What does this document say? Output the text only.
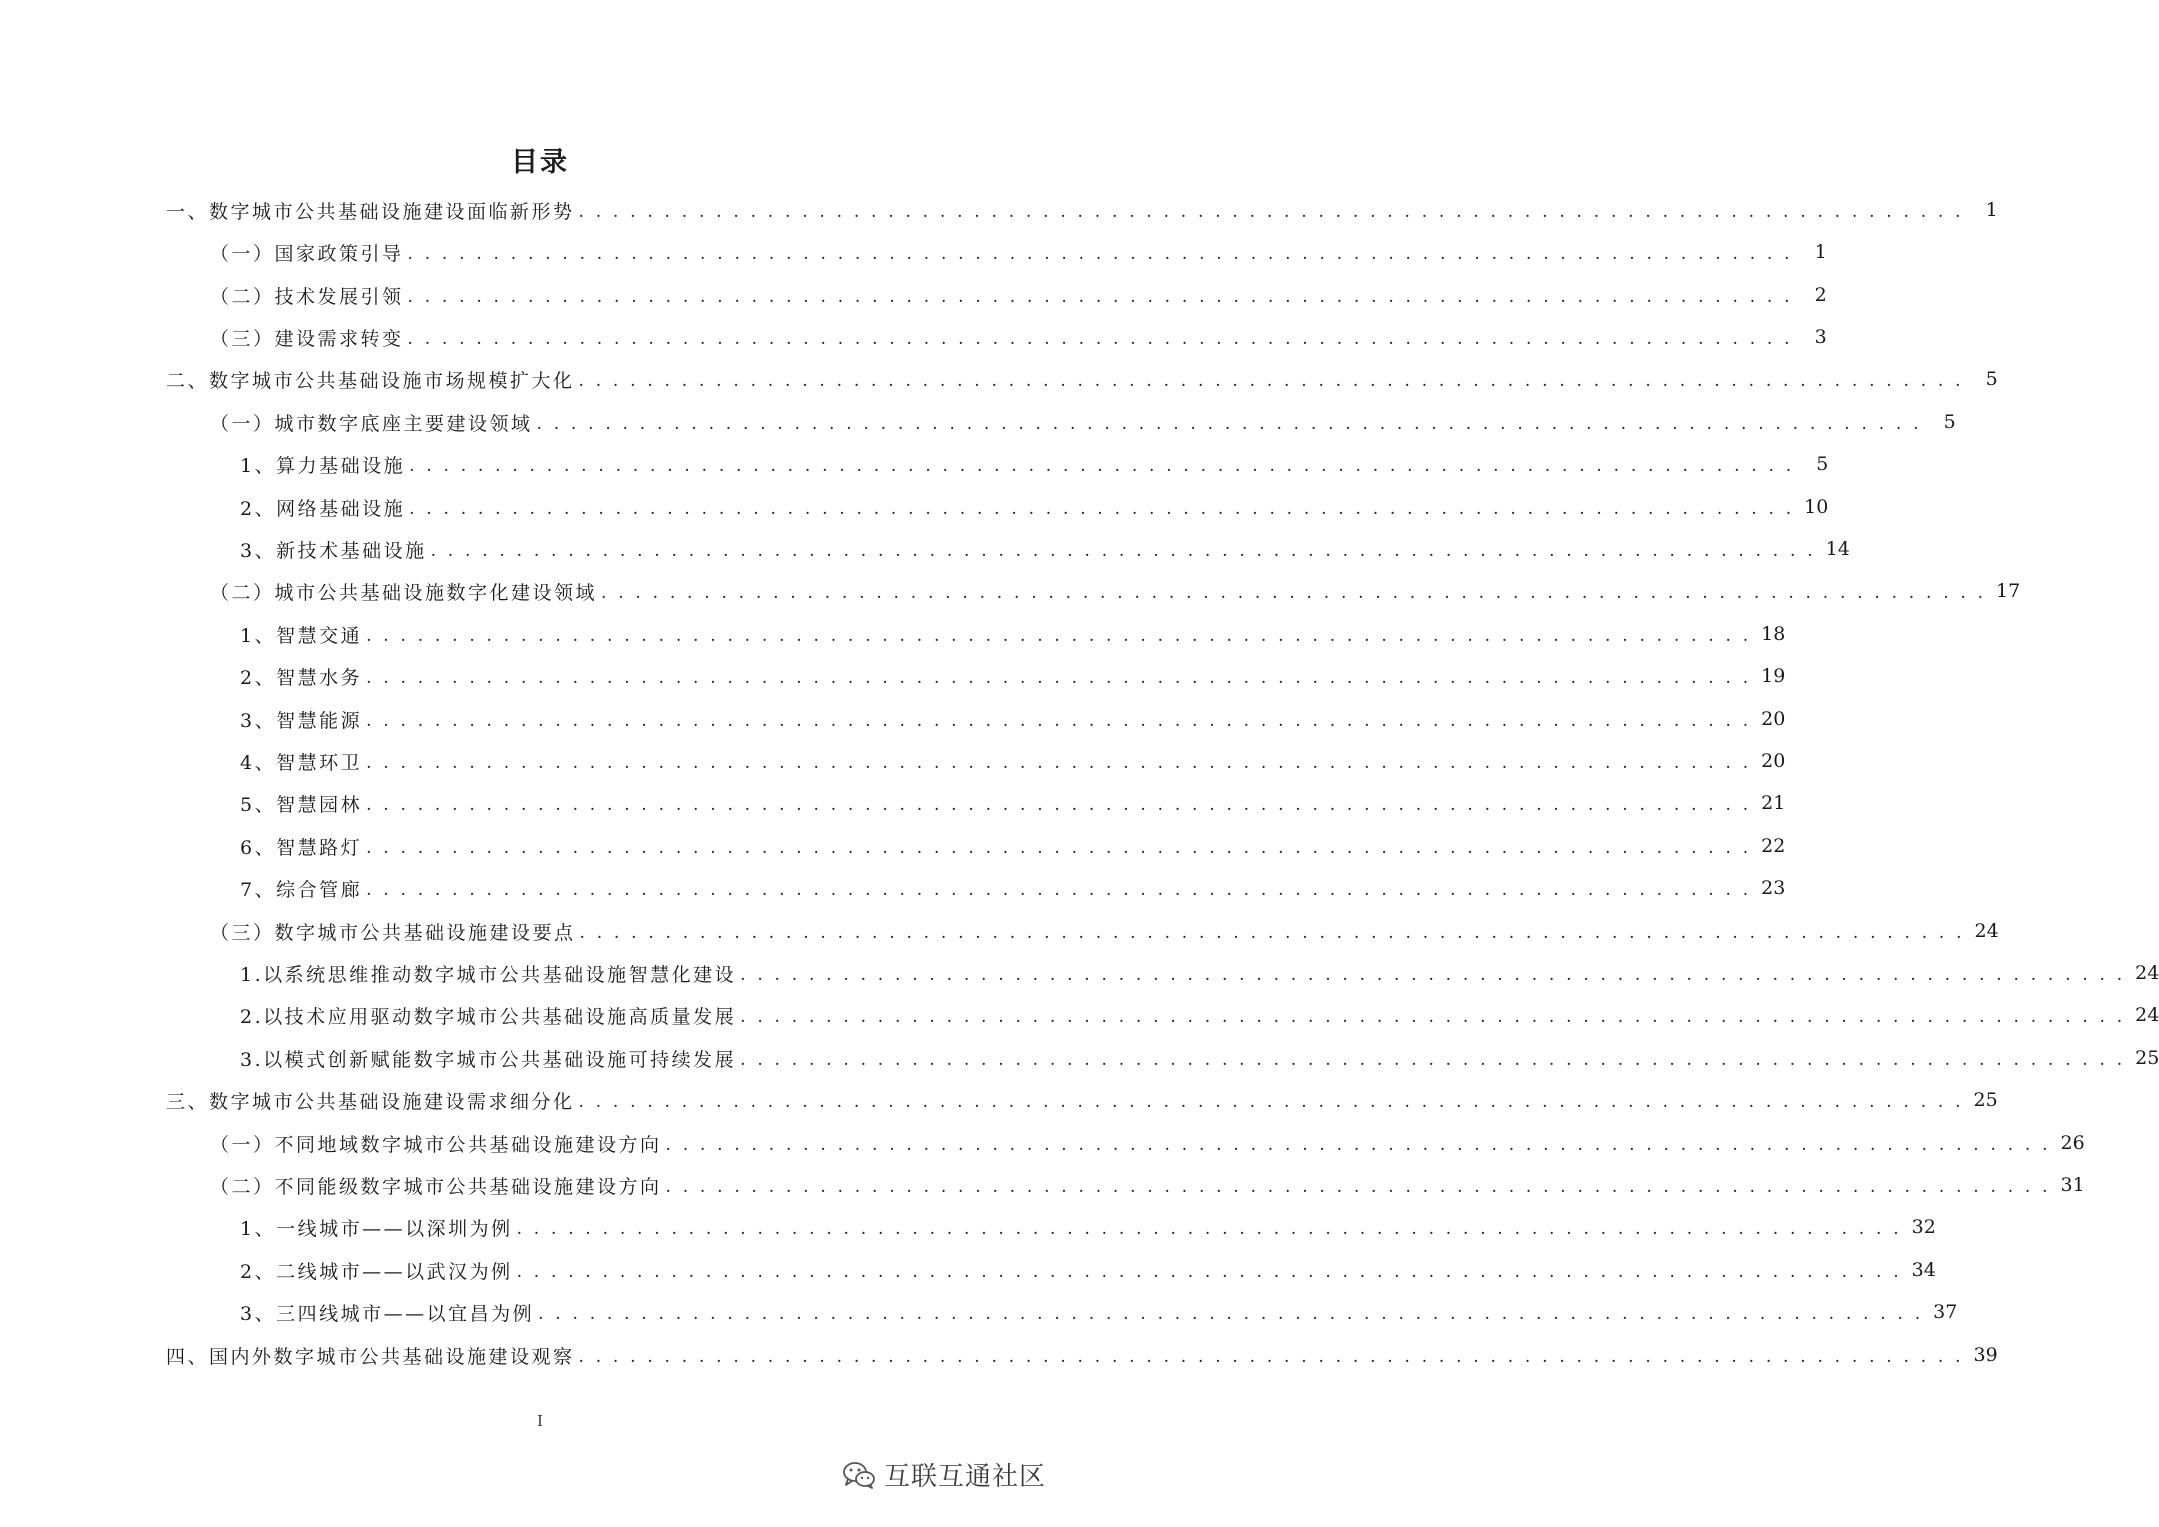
目录
一、数字城市公共基础设施建设面临新形势 . . . . . . . . . . . . . . . . . . . . . . . . . . . . . . . . . . . . . . . . . . . . . . . . . . . . . . . . . . . . . . . . . . . . . . . . . . . . . . . . .	1
（一）国家政策引导 . . . . . . . . . . . . . . . . . . . . . . . . . . . . . . . . . . . . . . . . . . . . . . . . . . . . . . . . . . . . . . . . . . . . . . . . . . . . . . . . .	1
（二）技术发展引领 . . . . . . . . . . . . . . . . . . . . . . . . . . . . . . . . . . . . . . . . . . . . . . . . . . . . . . . . . . . . . . . . . . . . . . . . . . . . . . . . .	2
（三）建设需求转变 . . . . . . . . . . . . . . . . . . . . . . . . . . . . . . . . . . . . . . . . . . . . . . . . . . . . . . . . . . . . . . . . . . . . . . . . . . . . . . . . .	3
二、数字城市公共基础设施市场规模扩大化 . . . . . . . . . . . . . . . . . . . . . . . . . . . . . . . . . . . . . . . . . . . . . . . . . . . . . . . . . . . . . . . . . . . . . . . . . . . . . . . . .	5
（一）城市数字底座主要建设领域 . . . . . . . . . . . . . . . . . . . . . . . . . . . . . . . . . . . . . . . . . . . . . . . . . . . . . . . . . . . . . . . . . . . . . . . . . . . . . . . . .	5
1、算力基础设施 . . . . . . . . . . . . . . . . . . . . . . . . . . . . . . . . . . . . . . . . . . . . . . . . . . . . . . . . . . . . . . . . . . . . . . . . . . . . . . . . .	5
2、网络基础设施 . . . . . . . . . . . . . . . . . . . . . . . . . . . . . . . . . . . . . . . . . . . . . . . . . . . . . . . . . . . . . . . . . . . . . . . . . . . . . . . . . 10
3、新技术基础设施 . . . . . . . . . . . . . . . . . . . . . . . . . . . . . . . . . . . . . . . . . . . . . . . . . . . . . . . . . . . . . . . . . . . . . . . . . . . . . . . . . 14
（二）城市公共基础设施数字化建设领域 . . . . . . . . . . . . . . . . . . . . . . . . . . . . . . . . . . . . . . . . . . . . . . . . . . . . . . . . . . . . . . . . . . . . . . . . . . . . . . . . . 17
1、智慧交通 . . . . . . . . . . . . . . . . . . . . . . . . . . . . . . . . . . . . . . . . . . . . . . . . . . . . . . . . . . . . . . . . . . . . . . . . . . . . . . . . . 18
2、智慧水务 . . . . . . . . . . . . . . . . . . . . . . . . . . . . . . . . . . . . . . . . . . . . . . . . . . . . . . . . . . . . . . . . . . . . . . . . . . . . . . . . . 19
3、智慧能源 . . . . . . . . . . . . . . . . . . . . . . . . . . . . . . . . . . . . . . . . . . . . . . . . . . . . . . . . . . . . . . . . . . . . . . . . . . . . . . . . . 20
4、智慧环卫 . . . . . . . . . . . . . . . . . . . . . . . . . . . . . . . . . . . . . . . . . . . . . . . . . . . . . . . . . . . . . . . . . . . . . . . . . . . . . . . . . 20
5、智慧园林 . . . . . . . . . . . . . . . . . . . . . . . . . . . . . . . . . . . . . . . . . . . . . . . . . . . . . . . . . . . . . . . . . . . . . . . . . . . . . . . . . 21
6、智慧路灯 . . . . . . . . . . . . . . . . . . . . . . . . . . . . . . . . . . . . . . . . . . . . . . . . . . . . . . . . . . . . . . . . . . . . . . . . . . . . . . . . . 22
7、综合管廊 . . . . . . . . . . . . . . . . . . . . . . . . . . . . . . . . . . . . . . . . . . . . . . . . . . . . . . . . . . . . . . . . . . . . . . . . . . . . . . . . . 23
（三）数字城市公共基础设施建设要点 . . . . . . . . . . . . . . . . . . . . . . . . . . . . . . . . . . . . . . . . . . . . . . . . . . . . . . . . . . . . . . . . . . . . . . . . . . . . . . . . . 24
1.以系统思维推动数字城市公共基础设施智慧化建设 . . . . . . . . . . . . . . . . . . . . . . . . . . . . . . . . . . . . . . . . . . . . . . . . . . . . . . . . . . . . . . . . . . . . . . . . . . . . . . . . . 24
2.以技术应用驱动数字城市公共基础设施高质量发展 . . . . . . . . . . . . . . . . . . . . . . . . . . . . . . . . . . . . . . . . . . . . . . . . . . . . . . . . . . . . . . . . . . . . . . . . . . . . . . . . . 24
3.以模式创新赋能数字城市公共基础设施可持续发展 . . . . . . . . . . . . . . . . . . . . . . . . . . . . . . . . . . . . . . . . . . . . . . . . . . . . . . . . . . . . . . . . . . . . . . . . . . . . . . . . . 25
三、数字城市公共基础设施建设需求细分化 . . . . . . . . . . . . . . . . . . . . . . . . . . . . . . . . . . . . . . . . . . . . . . . . . . . . . . . . . . . . . . . . . . . . . . . . . . . . . . . . . 25
（一）不同地域数字城市公共基础设施建设方向 . . . . . . . . . . . . . . . . . . . . . . . . . . . . . . . . . . . . . . . . . . . . . . . . . . . . . . . . . . . . . . . . . . . . . . . . . . . . . . . . . 26
（二）不同能级数字城市公共基础设施建设方向 . . . . . . . . . . . . . . . . . . . . . . . . . . . . . . . . . . . . . . . . . . . . . . . . . . . . . . . . . . . . . . . . . . . . . . . . . . . . . . . . . 31
1、一线城市——以深圳为例 . . . . . . . . . . . . . . . . . . . . . . . . . . . . . . . . . . . . . . . . . . . . . . . . . . . . . . . . . . . . . . . . . . . . . . . . . . . . . . . . . 32
2、二线城市——以武汉为例 . . . . . . . . . . . . . . . . . . . . . . . . . . . . . . . . . . . . . . . . . . . . . . . . . . . . . . . . . . . . . . . . . . . . . . . . . . . . . . . . . 34
3、三四线城市——以宜昌为例 . . . . . . . . . . . . . . . . . . . . . . . . . . . . . . . . . . . . . . . . . . . . . . . . . . . . . . . . . . . . . . . . . . . . . . . . . . . . . . . . . 37
四、国内外数字城市公共基础设施建设观察 . . . . . . . . . . . . . . . . . . . . . . . . . . . . . . . . . . . . . . . . . . . . . . . . . . . . . . . . . . . . . . . . . . . . . . . . . . . . . . . . . 39
I
互联互通社区
